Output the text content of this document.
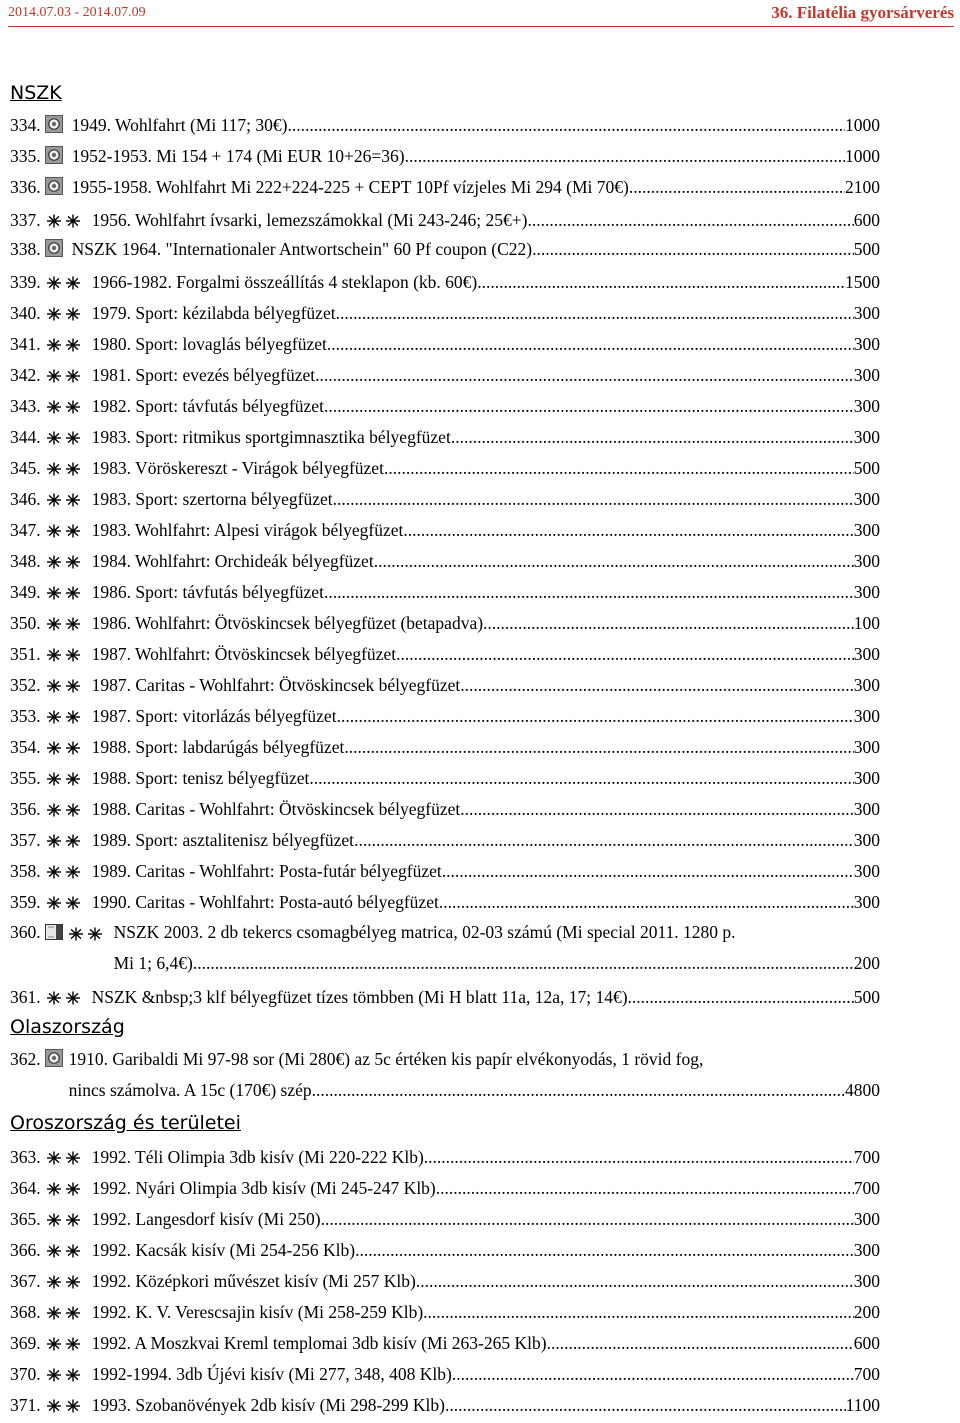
2014.07.03 - 2014.07.09	36. Filatélia gyorsárverés
NSZK
334. 1949. Wohlfahrt (Mi 117; 30€) .....	1000
335. 1952-1953. Mi 154 + 174 (Mi EUR 10+26=36) .....	1000
336. 1955-1958. Wohlfahrt Mi 222+224-225 + CEPT 10Pf vízjeles Mi 294 (Mi 70€) .....	2100
337.	1956. Wohlfahrt ívsarki, lemezszámokkal (Mi 243-246; 25€+) .....	600
338. NSZK 1964. "Internationaler Antwortschein" 60 Pf coupon (C22) .....	500
339.	1966-1982. Forgalmi összeállítás 4 steklapon (kb. 60€) .....	1500
340.	1979. Sport: kézilabda bélyegfüzet .....	300
341.	1980. Sport: lovaglás bélyegfüzet .....	300
342.	1981. Sport: evezés bélyegfüzet .....	300
343.	1982. Sport: távfutás bélyegfüzet .....	300
344.	1983. Sport: ritmikus sportgimnasztika bélyegfüzet .....	300
345.	1983. Vöröskereszt - Virágok bélyegfüzet .....	500
346.	1983. Sport: szertorna bélyegfüzet .....	300
347.	1983. Wohlfahrt: Alpesi virágok bélyegfüzet .....	300
348.	1984. Wohlfahrt: Orchideák bélyegfüzet .....	300
349.	1986. Sport: távfutás bélyegfüzet .....	300
350.	1986. Wohlfahrt: Ötvöskincsek bélyegfüzet (betapadva) .....	100
351.	1987. Wohlfahrt: Ötvöskincsek bélyegfüzet .....	300
352.	1987. Caritas - Wohlfahrt: Ötvöskincsek bélyegfüzet .....	300
353.	1987. Sport: vitorlázás bélyegfüzet .....	300
354.	1988. Sport: labdarúgás bélyegfüzet .....	300
355.	1988. Sport: tenisz bélyegfüzet .....	300
356.	1988. Caritas - Wohlfahrt: Ötvöskincsek bélyegfüzet .....	300
357.	1989. Sport: asztalitenisz bélyegfüzet .....	300
358.	1989. Caritas - Wohlfahrt: Posta-futár bélyegfüzet .....	300
359.	1990. Caritas - Wohlfahrt: Posta-autó bélyegfüzet .....	300
360.	NSZK 2003. 2 db tekercs csomagbélyeg matrica, 02-03 számú (Mi special 2011. 1280 p.
Mi 1; 6,4€) .....	200
361.	NSZK &nbsp;3 klf bélyegfüzet tízes tömbben (Mi H blatt 11a, 12a, 17; 14€) .....	500
Olaszország
362. 1910. Garibaldi Mi 97-98 sor (Mi 280€) az 5c értéken kis papír elvékonyodás, 1 rövid fog,
nincs számolva. A 15c (170€) szép. .....	4800
Oroszország és területei
363.	1992. Téli Olimpia 3db kisív (Mi 220-222 Klb) .....	700
364.	1992. Nyári Olimpia 3db kisív (Mi 245-247 Klb) .....	700
365.	1992. Langesdorf kisív (Mi 250) .....	300
366.	1992. Kacsák kisív (Mi 254-256 Klb) .....	300
367.	1992. Középkori művészet kisív (Mi 257 Klb) .....	300
368.	1992. K. V. Verescsajin kisív (Mi 258-259 Klb) .....	200
369.	1992. A Moszkvai Kreml templomai 3db kisív (Mi 263-265 Klb) .....	600
370.	1992-1994. 3db Újévi kisív (Mi 277, 348, 408 Klb) .....	700
371.	1993. Szobanövények 2db kisív (Mi 298-299 Klb) .....	1100
